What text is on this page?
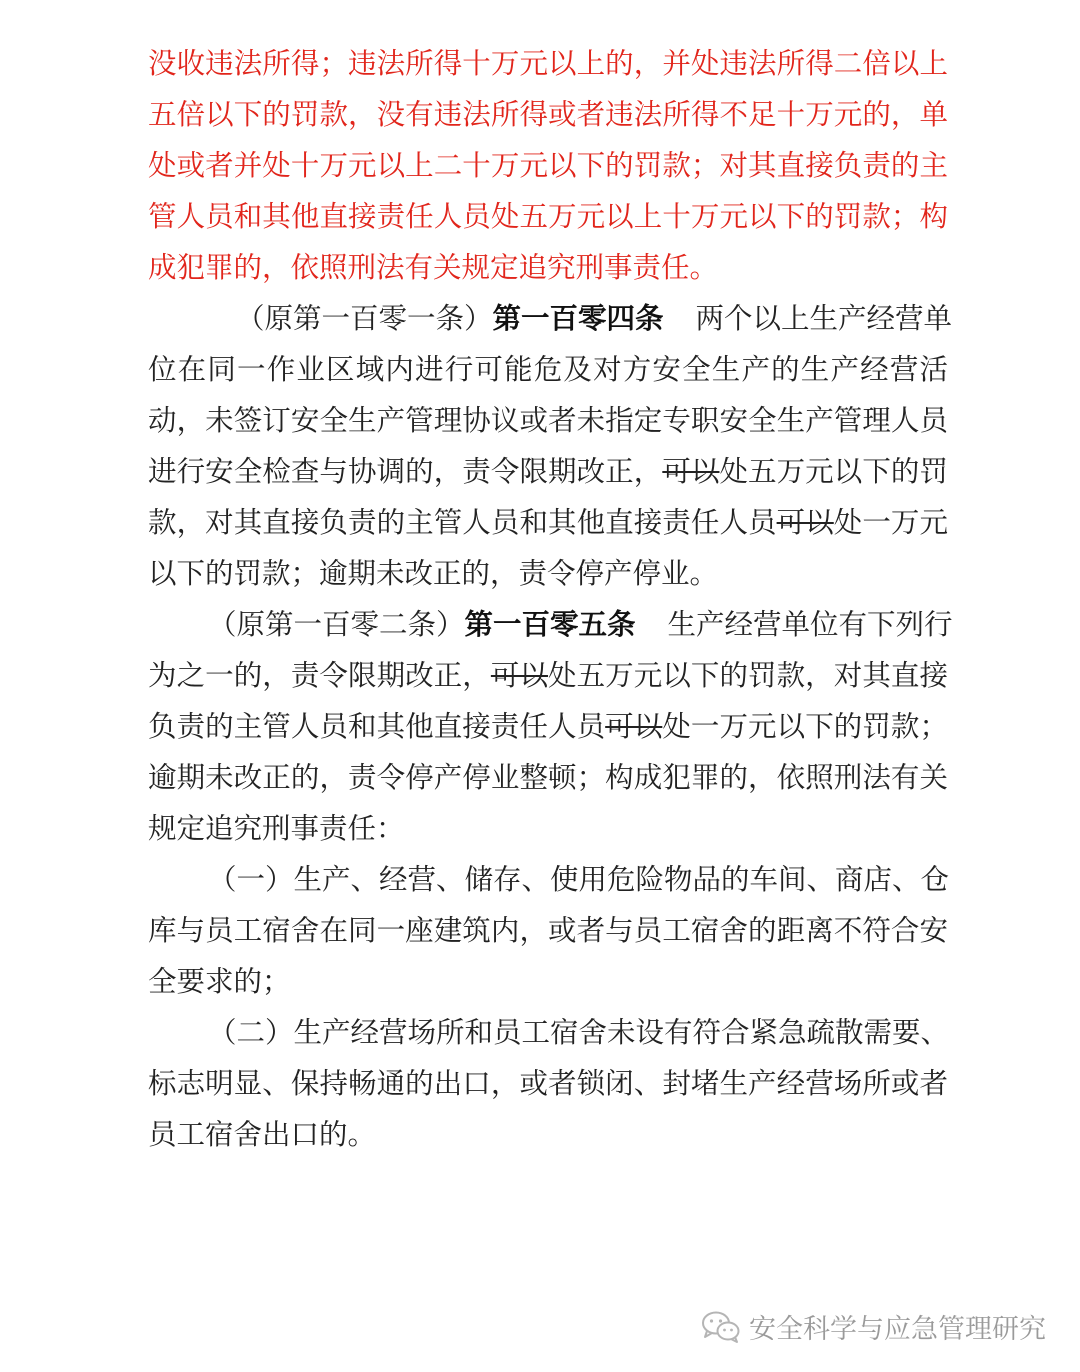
没收违法所得；违法所得十万元以上的，并处违法所得二倍以上
五倍以下的罚款，没有违法所得或者违法所得不足十万元的，单
处或者并处十万元以上二十万元以下的罚款；对其直接负责的主
管人员和其他直接责任人员处五万元以上十万元以下的罚款；构
成犯罪的，依照刑法有关规定追究刑事责任。
（原第一百零一条）第一百零四条 两个以上生产经营单
位在同一作业区域内进行可能危及对方安全生产的生产经营活
动，未签订安全生产管理协议或者未指定专职安全生产管理人员
进行安全检查与协调的，责令限期改正，可以处五万元以下的罚
款，对其直接负责的主管人员和其他直接责任人员可以处一万元
以下的罚款；逾期未改正的，责令停产停业。
（原第一百零二条）第一百零五条 生产经营单位有下列行
为之一的，责令限期改正，可以处五万元以下的罚款，对其直接
负责的主管人员和其他直接责任人员可以处一万元以下的罚款；
逾期未改正的，责令停产停业整顿；构成犯罪的，依照刑法有关
规定追究刑事责任：
（一）生产、经营、储存、使用危险物品的车间、商店、仓
库与员工宿舍在同一座建筑内，或者与员工宿舍的距离不符合安
全要求的；
（二）生产经营场所和员工宿舍未设有符合紧急疏散需要、
标志明显、保持畅通的出口，或者锁闭、封堵生产经营场所或者
员工宿舍出口的。
安全科学与应急管理研究
